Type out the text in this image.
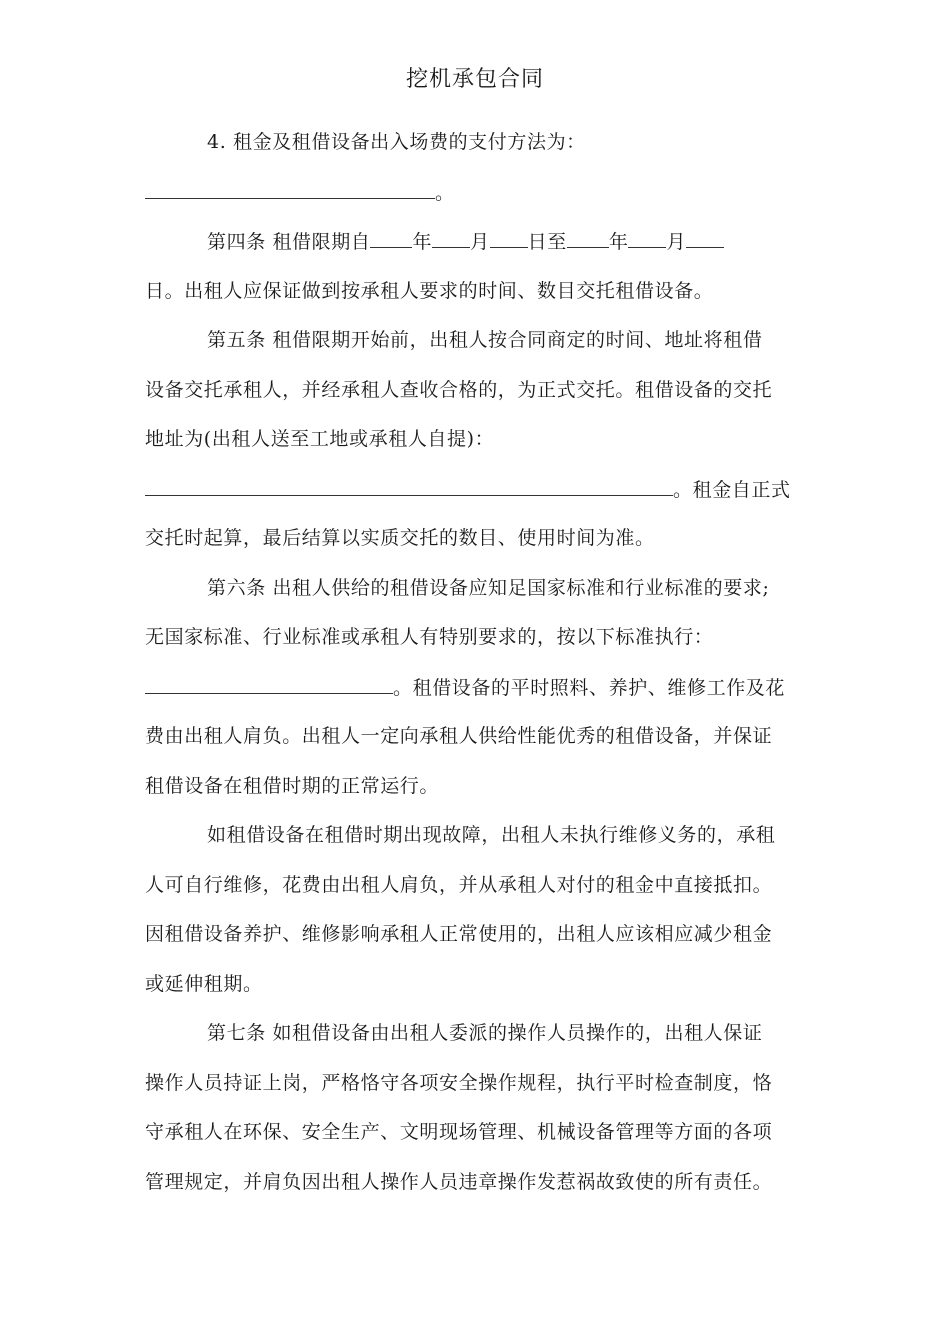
挖机承包合同
4. 租金及租借设备出入场费的支付方法为：
。
第四条 租借限期自 年 月 日至 年 月
日。出租人应保证做到按承租人要求的时间、数目交托租借设备。
第五条 租借限期开始前，出租人按合同商定的时间、地址将租借
设备交托承租人，并经承租人查收合格的，为正式交托。租借设备的交托
地址为(出租人送至工地或承租人自提)：
。租金自正式
交托时起算，最后结算以实质交托的数目、使用时间为准。
第六条 出租人供给的租借设备应知足国家标准和行业标准的要求;
无国家标准、行业标准或承租人有特别要求的，按以下标准执行：
。租借设备的平时照料、养护、维修工作及花
费由出租人肩负。出租人一定向承租人供给性能优秀的租借设备，并保证
租借设备在租借时期的正常运行。
如租借设备在租借时期出现故障，出租人未执行维修义务的，承租
人可自行维修，花费由出租人肩负，并从承租人对付的租金中直接抵扣。
因租借设备养护、维修影响承租人正常使用的，出租人应该相应减少租金
或延伸租期。
第七条 如租借设备由出租人委派的操作人员操作的，出租人保证
操作人员持证上岗，严格恪守各项安全操作规程，执行平时检查制度，恪
守承租人在环保、安全生产、文明现场管理、机械设备管理等方面的各项
管理规定，并肩负因出租人操作人员违章操作发惹祸故致使的所有责任。
